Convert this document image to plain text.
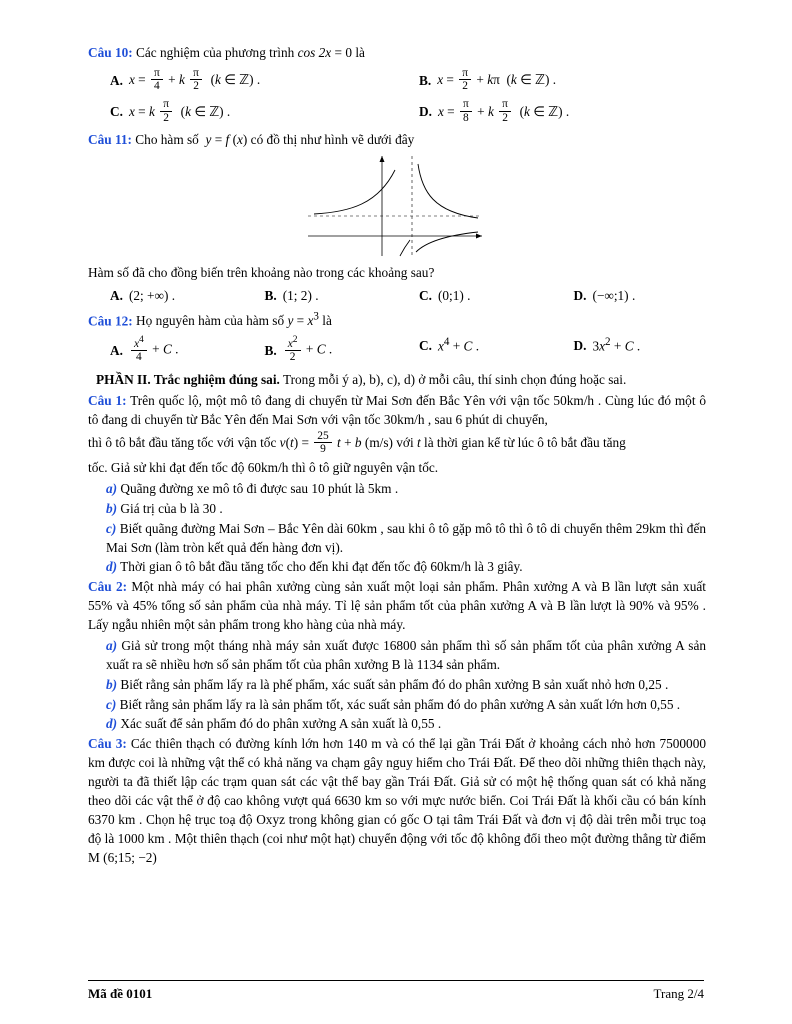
Câu 10: Các nghiệm của phương trình cos 2x = 0 là
A. $x = \frac{\pi}{4} + k \frac{\pi}{2} (k$ ∈ ℤ) .	B. $x = \frac{\pi}{2} + k\pi$  (k ∈ ℤ) .
C. x = k $\frac{\pi}{2} (k$ ∈ ℤ) .	D. $x = \frac{\pi}{8} + k \frac{\pi}{2} (k$ ∈ ℤ) .
Câu 11: Cho hàm số  y = f (x) có đồ thị như hình vẽ dưới đây
Hàm số đã cho đồng biến trên khoảng nào trong các khoảng sau?
A. (2; +∞) .	B. (1; 2) .	C. (0;1) .	D. (−∞;1) .
Câu 12: Họ nguyên hàm của hàm số $y = x^3$ là
A. $\frac{x^4}{4} + C$ .	B. $\frac{x^2}{2} + C$ .	C. $x^4 + C$ .	D. $3x^2 + C$ .
PHẦN II. Trắc nghiệm đúng sai. Trong mỗi ý a), b), c), d) ở mỗi câu, thí sinh chọn đúng hoặc sai.
Câu 1: Trên quốc lộ, một mô tô đang di chuyển từ Mai Sơn đến Bắc Yên với vận tốc 50km/h . Cùng lúc đó một ô tô đang di chuyển từ Bắc Yên đến Mai Sơn với vận tốc 30km/h , sau 6 phút di chuyển,
thì ô tô bắt đầu tăng tốc với vận tốc $v(t) = \frac{25}{9}$ t + b (m/s) với t là thời gian kể từ lúc ô tô bắt đầu tăng
tốc. Giả sử khi đạt đến tốc độ 60km/h thì ô tô giữ nguyên vận tốc.
a) Quãng đường xe mô tô đi được sau 10 phút là 5km .
b) Giá trị của b là 30 .
c) Biết quãng đường Mai Sơn – Bắc Yên dài 60km , sau khi ô tô gặp mô tô thì ô tô di chuyển thêm 29km thì đến Mai Sơn (làm tròn kết quả đến hàng đơn vị).
d) Thời gian ô tô bắt đầu tăng tốc cho đến khi đạt đến tốc độ 60km/h là 3 giây.
Câu 2: Một nhà máy có hai phân xưởng cùng sản xuất một loại sản phẩm. Phân xưởng A và B lần lượt sản xuất 55% và 45% tổng số sản phẩm của nhà máy. Tỉ lệ sản phẩm tốt của phân xưởng A và B lần lượt là 90% và 95% . Lấy ngẫu nhiên một sản phẩm trong kho hàng của nhà máy.
a) Giả sử trong một tháng nhà máy sản xuất được 16800 sản phẩm thì số sản phẩm tốt của phân xưởng A sản xuất ra sẽ nhiều hơn số sản phẩm tốt của phân xưởng B là 1134 sản phẩm.
b) Biết rằng sản phẩm lấy ra là phế phẩm, xác suất sản phẩm đó do phân xưởng B sản xuất nhỏ hơn 0,25 .
c) Biết rằng sản phẩm lấy ra là sản phẩm tốt, xác suất sản phẩm đó do phân xưởng A sản xuất lớn hơn 0,55 .
d) Xác suất để sản phẩm đó do phân xưởng A sản xuất là 0,55 .
Câu 3: Các thiên thạch có đường kính lớn hơn 140 m và có thể lại gần Trái Đất ở khoảng cách nhỏ hơn 7500000 km được coi là những vật thể có khả năng va chạm gây nguy hiểm cho Trái Đất. Để theo dõi những thiên thạch này, người ta đã thiết lập các trạm quan sát các vật thể bay gần Trái Đất. Giả sử có một hệ thống quan sát có khả năng theo dõi các vật thể ở độ cao không vượt quá 6630 km so với mực nước biển. Coi Trái Đất là khối cầu có bán kính 6370 km . Chọn hệ trục toạ độ Oxyz trong không gian có gốc O tại tâm Trái Đất và đơn vị độ dài trên mỗi trục toạ độ là 1000 km . Một thiên thạch (coi như một hạt) chuyển động với tốc độ không đổi theo một đường thẳng từ điểm M (6;15; −2)
Mã đề 0101	Trang 2/4
